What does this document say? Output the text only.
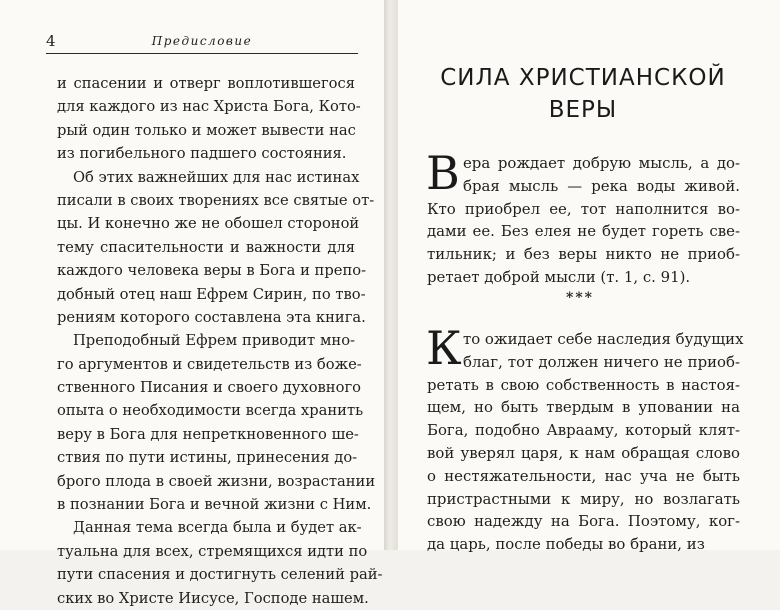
4	Предисловие
и спасении и отверг воплотившегося
для каждого из нас Христа Бога, Кото-
рый один только и может вывести нас
из погибельного падшего состояния.
Об этих важнейших для нас истинах
писали в своих творениях все святые от-
цы. И конечно же не обошел стороной
тему спасительности и важности для
каждого человека веры в Бога и препо-
добный отец наш Ефрем Сирин, по тво-
рениям которого составлена эта книга.
Преподобный Ефрем приводит мно-
го аргументов и свидетельств из боже-
ственного Писания и своего духовного
опыта о необходимости всегда хранить
веру в Бога для непреткновенного ше-
ствия по пути истины, принесения до-
брого плода в своей жизни, возрастании
в познании Бога и вечной жизни с Ним.
Данная тема всегда была и будет ак-
туальна для всех, стремящихся идти по
пути спасения и достигнуть селений рай-
ских во Христе Иисусе, Господе нашем.
СИЛА ХРИСТИАНСКОЙ
ВЕРЫ
В ера рождает добрую мысль, а до-
брая мысль — река воды живой.
Кто приобрел ее, тот наполнится во-
дами ее. Без елея не будет гореть све-
тильник; и без веры никто не приоб-
ретает доброй мысли (т. 1, с. 91).
***
К то ожидает себе наследия будущих
благ, тот должен ничего не приоб-
ретать в свою собственность в настоя-
щем, но быть твердым в уповании на
Бога, подобно Аврааму, который клят-
вой уверял царя, к нам обращая слово
о нестяжательности, нас уча не быть
пристрастными к миру, но возлагать
свою надежду на Бога. Поэтому, ког-
да царь, после победы во брани, из
